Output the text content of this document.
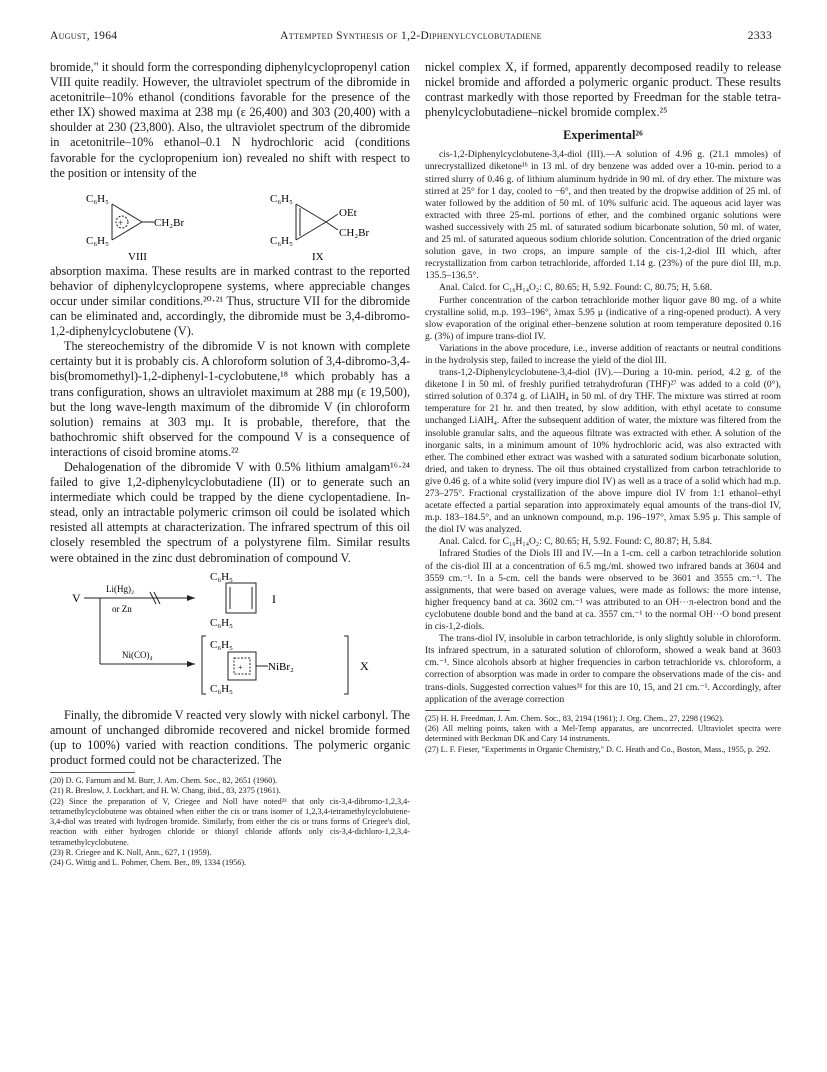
August, 1964	Attempted Synthesis of 1,2-Diphenylcyclobutadiene	2333

bromide," it should form the corresponding diphenylcyclopropenyl cation VIII quite readily. However, the ultraviolet spectrum of the dibromide in acetonitrile–10% ethanol (conditions favorable for the presence of the ether IX) showed maxima at 238 mμ (ε 26,400) and 303 (20,400) with a shoulder at 230 (23,800). Also, the ultraviolet spectrum of the dibromide in acetonitrile–10% ethanol–0.1 N hydrochloric acid (conditions favorable for the cyclopropenium ion) revealed no shift with respect to the position or intensity of the

C₆H₅
C₆H₅
+	CH₂Br
VIII
C₆H₅
C₆H₅
OEt
CH₂Br
IX

absorption maxima. These results are in marked contrast to the reported behavior of diphenylcyclopropene systems, where appreciable changes occur under similar conditions.²⁰·²¹ Thus, structure VII for the dibromide can be eliminated and, accordingly, the dibromide must be 3,4-dibromo-1,2-diphenylcyclobutene (V).

The stereochemistry of the dibromide V is not known with complete certainty but it is probably cis. A chloroform solution of 3,4-dibromo-3,4-bis(bromomethyl)-1,2-diphenyl-1-cyclobutene,¹⁸ which probably has a trans configuration, shows an ultraviolet maximum at 288 mμ (ε 19,500), but the long wave-length maximum of the dibromide V (in chloroform solution) remains at 303 mμ. It is probable, therefore, that the bathochromic shift observed for the compound V is a consequence of interactions of cisoid bromine atoms.²²

Dehalogenation of the dibromide V with 0.5% lithium amalgam¹⁶·²⁴ failed to give 1,2-diphenylcyclobutadiene (II) or to generate such an intermediate which could be trapped by the diene cyclopentadiene. Instead, only an intractable polymeric crimson oil could be isolated which resisted all attempts at characterization. The infrared spectrum of this oil closely resembled the spectrum of a polystyrene film. Similar results were obtained in the zinc dust debromination of compound V.

V
Li(Hg)₂
or Zn
C₆H₅
C₆H₅
I
Ni(CO)₄
C₆H₅
C₆H₅
+ NiBr₂	X

Finally, the dibromide V reacted very slowly with nickel carbonyl. The amount of unchanged dibromide recovered and nickel bromide formed (up to 100%) varied with reaction conditions. The polymeric organic product formed could not be characterized. The

(20) D. G. Farnum and M. Burr, J. Am. Chem. Soc., 82, 2651 (1960).

(21) R. Breslow, J. Lockhart, and H. W. Chang, ibid., 83, 2375 (1961).

(22) Since the preparation of V, Criegee and Noll have noted²³ that only cis-3,4-dibromo-1,2,3,4-tetramethylcyclobutene was obtained when either the cis or trans isomer of 1,2,3,4-tetramethylcyclobutene-3,4-diol was treated with hydrogen bromide. Similarly, from either the cis or trans forms of Criegee's diol, reaction with either hydrogen chloride or thionyl chloride affords only cis-3,4-dichloro-1,2,3,4-tetramethylcyclobutene.

(23) R. Criegee and K. Noll, Ann., 627, 1 (1959).

(24) G. Wittig and L. Pohmer, Chem. Ber., 89, 1334 (1956).

nickel complex X, if formed, apparently decomposed readily to release nickel bromide and afforded a polymeric organic product. These results contrast markedly with those reported by Freedman for the stable tetraphenylcyclobutadiene–nickel bromide complex.²⁵

Experimental²⁶

cis-1,2-Diphenylcyclobutene-3,4-diol (III).—A solution of 4.96 g. (21.1 mmoles) of unrecrystallized diketone¹ᵇ in 13 ml. of dry benzene was added over a 10-min. period to a stirred slurry of 0.46 g. of lithium aluminum hydride in 90 ml. of dry ether. The mixture was stirred at 25° for 1 day, cooled to −6°, and then treated by the dropwise addition of 25 ml. of water followed by the addition of 50 ml. of 10% sulfuric acid. The aqueous acid layer was extracted with three 25-ml. portions of ether, and the combined organic solutions were washed successively with 25 ml. of saturated sodium bicarbonate solution, 50 ml. of water, and 25 ml. of saturated aqueous sodium chloride solution. Concentration of the dried organic solution gave, in two crops, an impure sample of the cis-1,2-diol III which, after recrystallization from carbon tetrachloride, afforded 1.14 g. (23%) of the pure diol III, m.p. 135.5–136.5°.

Anal. Calcd. for C₁₆H₁₄O₂: C, 80.65; H, 5.92. Found: C, 80.75; H, 5.68.

Further concentration of the carbon tetrachloride mother liquor gave 80 mg. of a white crystalline solid, m.p. 193–196°, λmax 5.95 μ (indicative of a ring-opened product). A very slow evaporation of the original ether–benzene solution at room temperature deposited 0.16 g. (3%) of impure trans-diol IV.

Variations in the above procedure, i.e., inverse addition of reactants or neutral conditions in the hydrolysis step, failed to increase the yield of the diol III.

trans-1,2-Diphenylcyclobutene-3,4-diol (IV).—During a 10-min. period, 4.2 g. of the diketone I in 50 ml. of freshly purified tetrahydrofuran (THF)²⁷ was added to a cold (0°), stirred solution of 0.374 g. of LiAlH₄ in 50 ml. of dry THF. The mixture was stirred at room temperature for 21 hr. and then treated, by slow addition, with ethyl acetate to consume unchanged LiAlH₄. After the subsequent addition of water, the mixture was filtered from the insoluble granular salts, and the aqueous filtrate was extracted with ether. A solution of the inorganic salts, in a minimum amount of 10% hydrochloric acid, was also extracted with ether. The combined ether extract was washed with a saturated sodium bicarbonate solution, dried, and taken to dryness. The oil thus obtained crystallized from carbon tetrachloride to give 0.46 g. of a white solid (very impure diol IV) as well as a trace of a solid which had m.p. 273–275°. Fractional crystallization of the above impure diol IV from 1:1 ethanol–ethyl acetate effected a partial separation into approximately equal amounts of the trans-diol IV, m.p. 183–184.5°, and an unknown compound, m.p. 196–197°, λmax 5.95 μ. This sample of the diol IV was analyzed.

Anal. Calcd. for C₁₆H₁₄O₂: C, 80.65; H, 5.92. Found: C, 80.87; H, 5.84.

Infrared Studies of the Diols III and IV.—In a 1-cm. cell a carbon tetrachloride solution of the cis-diol III at a concentration of 6.5 mg./ml. showed two infrared bands at 3604 and 3559 cm.⁻¹. In a 5-cm. cell the bands were observed to be 3601 and 3555 cm.⁻¹. The assignments, that were based on average values, were made as follows: the more intense, higher frequency band at ca. 3602 cm.⁻¹ was attributed to an OH···π-electron bond and the cyclobutene double bond and the band at ca. 3557 cm.⁻¹ to the normal OH···O bond present in cis-1,2-diols.

The trans-diol IV, insoluble in carbon tetrachloride, is only slightly soluble in chloroform. Its infrared spectrum, in a saturated solution of chloroform, showed a weak band at 3603 cm.⁻¹. Since alcohols absorb at higher frequencies in carbon tetrachloride vs. chloroform, a correction of absorption was made in order to compare the observations made of the cis- and trans-diols. Suggested correction values³¹ for this are 10, 15, and 21 cm.⁻¹. Accordingly, after application of the average correction

(25) H. H. Freedman, J. Am. Chem. Soc., 83, 2194 (1961); J. Org. Chem., 27, 2298 (1962).

(26) All melting points, taken with a Mel-Temp apparatus, are uncorrected. Ultraviolet spectra were determined with Beckman DK and Cary 14 instruments.

(27) L. F. Fieser, "Experiments in Organic Chemistry," D. C. Heath and Co., Boston, Mass., 1955, p. 292.
